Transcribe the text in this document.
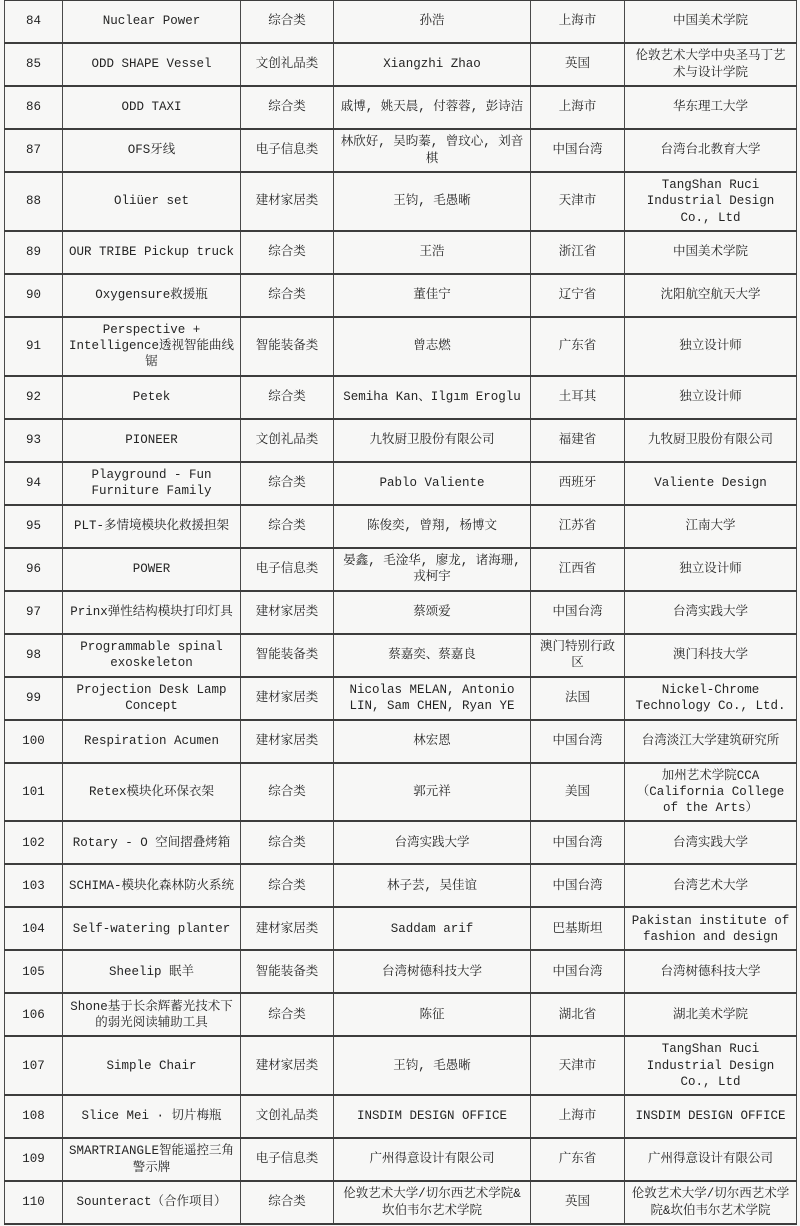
84	Nuclear Power	综合类	孙浩	上海市	中国美术学院
85	ODD SHAPE Vessel	文创礼品类	Xiangzhi Zhao	英国	伦敦艺术大学中央圣马丁艺术与设计学院
86	ODD TAXI	综合类	戚博, 姚天晨, 付蓉蓉, 彭诗洁	上海市	华东理工大学
87	OFS牙线	电子信息类	林欣好, 吴昀蓁, 曾玟心, 刘音棋	中国台湾	台湾台北教育大学
88	Oliüer set	建材家居类	王钧, 毛愚晰	天津市	TangShan Ruci Industrial Design Co., Ltd
89	OUR TRIBE Pickup truck	综合类	王浩	浙江省	中国美术学院
90	Oxygensure救援瓶	综合类	董佳宁	辽宁省	沈阳航空航天大学
91	Perspective + Intelligence透视智能曲线锯	智能装备类	曾志燃	广东省	独立设计师
92	Petek	综合类	Semiha Kan、Ilgım Eroglu	土耳其	独立设计师
93	PIONEER	文创礼品类	九牧厨卫股份有限公司	福建省	九牧厨卫股份有限公司
94	Playground - Fun Furniture Family	综合类	Pablo Valiente	西班牙	Valiente Design
95	PLT-多情境模块化救援担架	综合类	陈俊奕, 曾翔, 杨博文	江苏省	江南大学
96	POWER	电子信息类	晏鑫, 毛淦华, 廖龙, 诸海珊, 戎柯宇	江西省	独立设计师
97	Prinx弹性结构模块打印灯具	建材家居类	蔡颂爱	中国台湾	台湾实践大学
98	Programmable spinal exoskeleton	智能装备类	蔡嘉奕、蔡嘉良	澳门特别行政区	澳门科技大学
99	Projection Desk Lamp Concept	建材家居类	Nicolas MELAN, Antonio LIN, Sam CHEN, Ryan YE	法国	Nickel-Chrome Technology Co., Ltd.
100	Respiration Acumen	建材家居类	林宏恩	中国台湾	台湾淡江大学建筑研究所
101	Retex模块化环保衣架	综合类	郭元祥	美国	加州艺术学院CCA（California College of the Arts）
102	Rotary - O 空间摺叠烤箱	综合类	台湾实践大学	中国台湾	台湾实践大学
103	SCHIMA-模块化森林防火系统	综合类	林子芸, 吴佳谊	中国台湾	台湾艺术大学
104	Self-watering planter	建材家居类	Saddam arif	巴基斯坦	Pakistan institute of fashion and design
105	Sheelip 眠羊	智能装备类	台湾树德科技大学	中国台湾	台湾树德科技大学
106	Shone基于长余辉蓄光技术下的弱光阅读辅助工具	综合类	陈征	湖北省	湖北美术学院
107	Simple Chair	建材家居类	王钧, 毛愚晰	天津市	TangShan Ruci Industrial Design Co., Ltd
108	Slice Mei · 切片梅瓶	文创礼品类	INSDIM DESIGN OFFICE	上海市	INSDIM DESIGN OFFICE
109	SMARTRIANGLE智能遥控三角警示牌	电子信息类	广州得意设计有限公司	广东省	广州得意设计有限公司
110	Sounteract（合作项目）	综合类	伦敦艺术大学/切尔西艺术学院&坎伯韦尔艺术学院	英国	伦敦艺术大学/切尔西艺术学院&坎伯韦尔艺术学院
